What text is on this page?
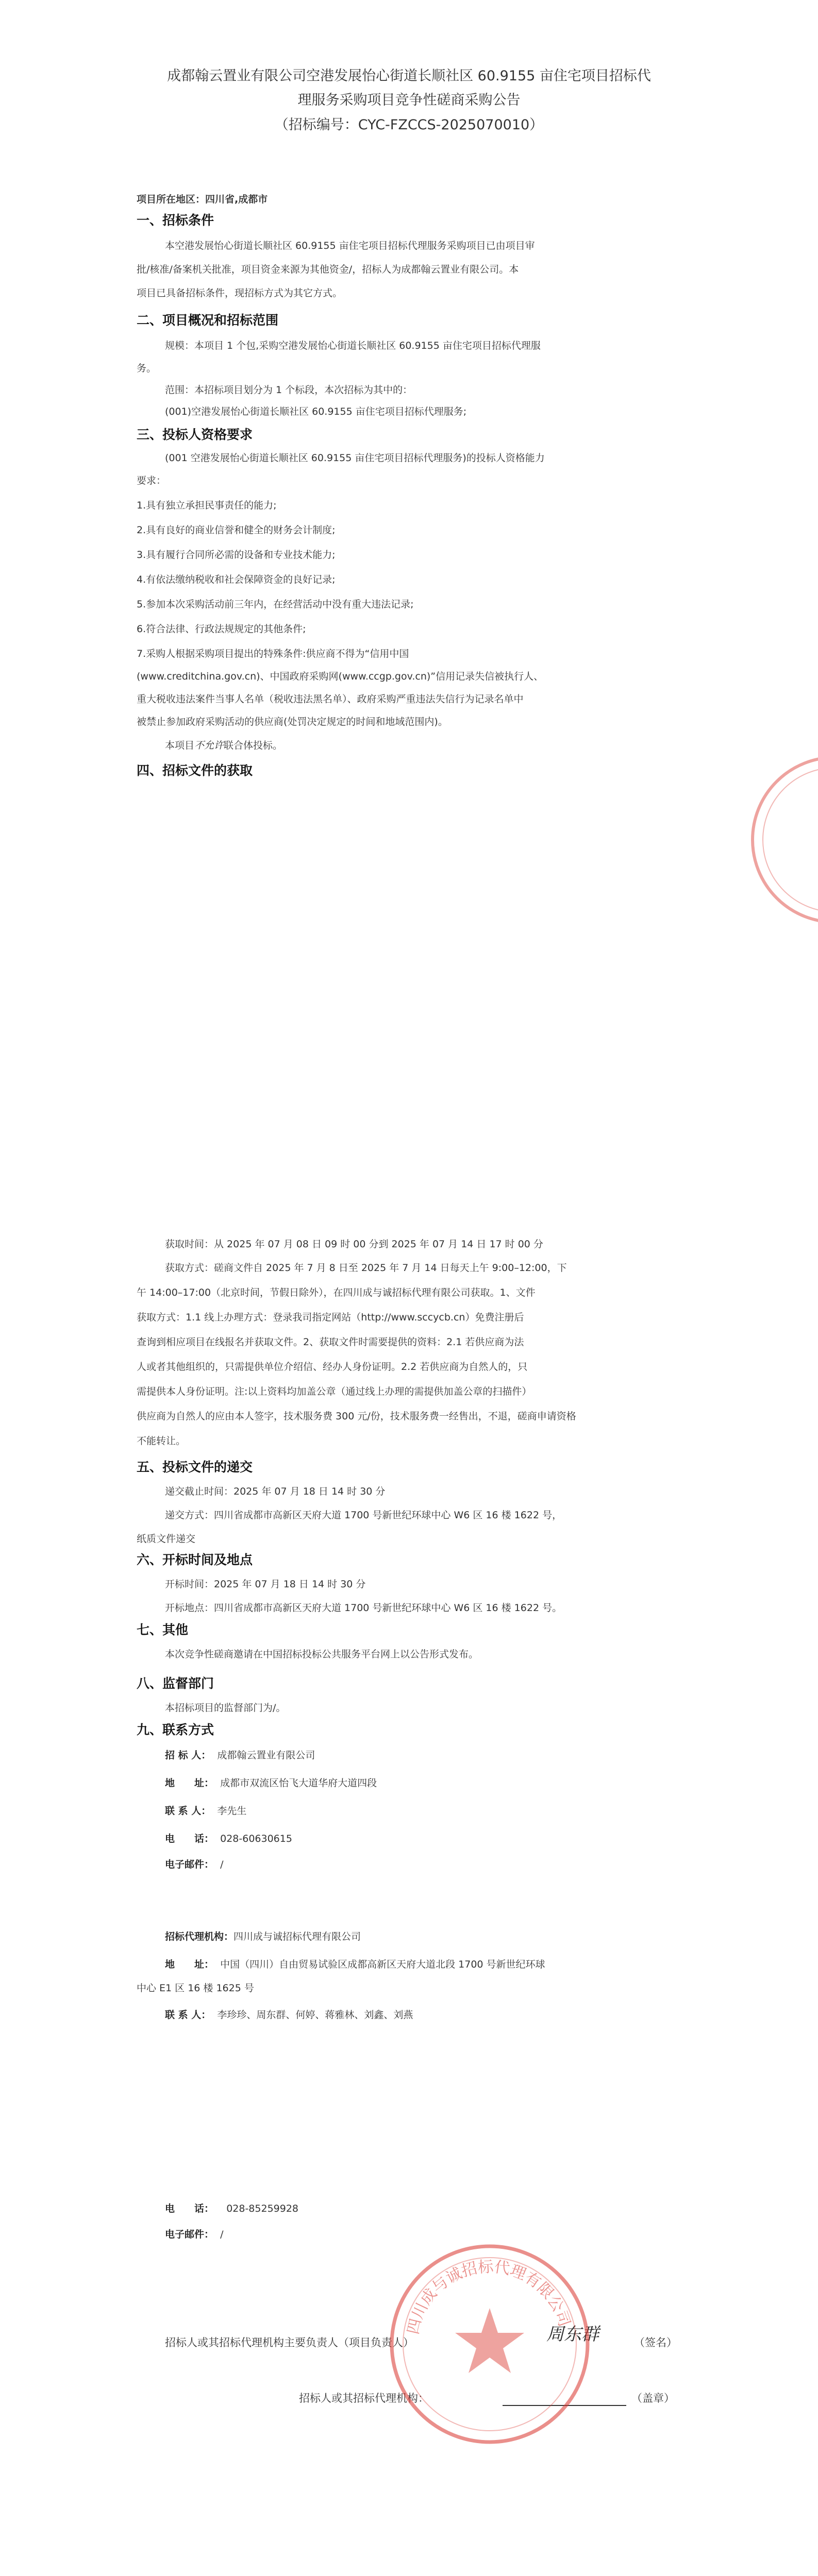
成都翰云置业有限公司空港发展怡心街道长顺社区 60.9155 亩住宅项目招标代
理服务采购项目竞争性磋商采购公告
（招标编号：CYC-FZCCS-2025070010）
项目所在地区：四川省,成都市
一、招标条件
本空港发展怡心街道长顺社区 60.9155 亩住宅项目招标代理服务采购项目已由项目审
批/核准/备案机关批准，项目资金来源为其他资金/，招标人为成都翰云置业有限公司。本
项目已具备招标条件，现招标方式为其它方式。
二、项目概况和招标范围
规模：本项目 1 个包,采购空港发展怡心街道长顺社区 60.9155 亩住宅项目招标代理服
务。
范围：本招标项目划分为 1 个标段，本次招标为其中的：
(001)空港发展怡心街道长顺社区 60.9155 亩住宅项目招标代理服务;
三、投标人资格要求
(001 空港发展怡心街道长顺社区 60.9155 亩住宅项目招标代理服务)的投标人资格能力
要求：
1.具有独立承担民事责任的能力;
2.具有良好的商业信誉和健全的财务会计制度;
3.具有履行合同所必需的设备和专业技术能力;
4.有依法缴纳税收和社会保障资金的良好记录;
5.参加本次采购活动前三年内，在经营活动中没有重大违法记录;
6.符合法律、行政法规规定的其他条件;
7.采购人根据采购项目提出的特殊条件:供应商不得为“信用中国
(www.creditchina.gov.cn)、中国政府采购网(www.ccgp.gov.cn)”信用记录失信被执行人、
重大税收违法案件当事人名单（税收违法黑名单）、政府采购严重违法失信行为记录名单中
被禁止参加政府采购活动的供应商(处罚决定规定的时间和地域范围内)。
本项目不允许联合体投标。
四、招标文件的获取
获取时间：从 2025 年 07 月 08 日 09 时 00 分到 2025 年 07 月 14 日 17 时 00 分
获取方式：磋商文件自 2025 年 7 月 8 日至 2025 年 7 月 14 日每天上午 9:00–12:00，下
午 14:00–17:00（北京时间，节假日除外），在四川成与诚招标代理有限公司获取。1、文件
获取方式：1.1 线上办理方式：登录我司指定网站（http://www.sccycb.cn）免费注册后
查询到相应项目在线报名并获取文件。2、获取文件时需要提供的资料：2.1 若供应商为法
人或者其他组织的，只需提供单位介绍信、经办人身份证明。2.2 若供应商为自然人的，只
需提供本人身份证明。注:以上资料均加盖公章（通过线上办理的需提供加盖公章的扫描件）
供应商为自然人的应由本人签字，技术服务费 300 元/份，技术服务费一经售出，不退，磋商申请资格
不能转让。
五、投标文件的递交
递交截止时间：2025 年 07 月 18 日 14 时 30 分
递交方式：四川省成都市高新区天府大道 1700 号新世纪环球中心 W6 区 16 楼 1622 号，
纸质文件递交
六、开标时间及地点
开标时间：2025 年 07 月 18 日 14 时 30 分
开标地点：四川省成都市高新区天府大道 1700 号新世纪环球中心 W6 区 16 楼 1622 号。
七、其他
本次竞争性磋商邀请在中国招标投标公共服务平台网上以公告形式发布。
八、监督部门
本招标项目的监督部门为/。
九、联系方式
招 标 人： 成都翰云置业有限公司
地　　址： 成都市双流区怡飞大道华府大道四段
联 系 人： 李先生
电　　话： 028-60630615
电子邮件： /
招标代理机构：四川成与诚招标代理有限公司
地　　址： 中国（四川）自由贸易试验区成都高新区天府大道北段 1700 号新世纪环球
中心 E1 区 16 楼 1625 号
联 系 人： 李珍珍、周东群、何婷、蒋雅林、刘鑫、刘燕
电　　话： 028-85259928
电子邮件： /
招标人或其招标代理机构主要负责人（项目负责人）	周东群	（签名）
招标人或其招标代理机构：	（盖章）
四川成与诚招标代理有限公司
